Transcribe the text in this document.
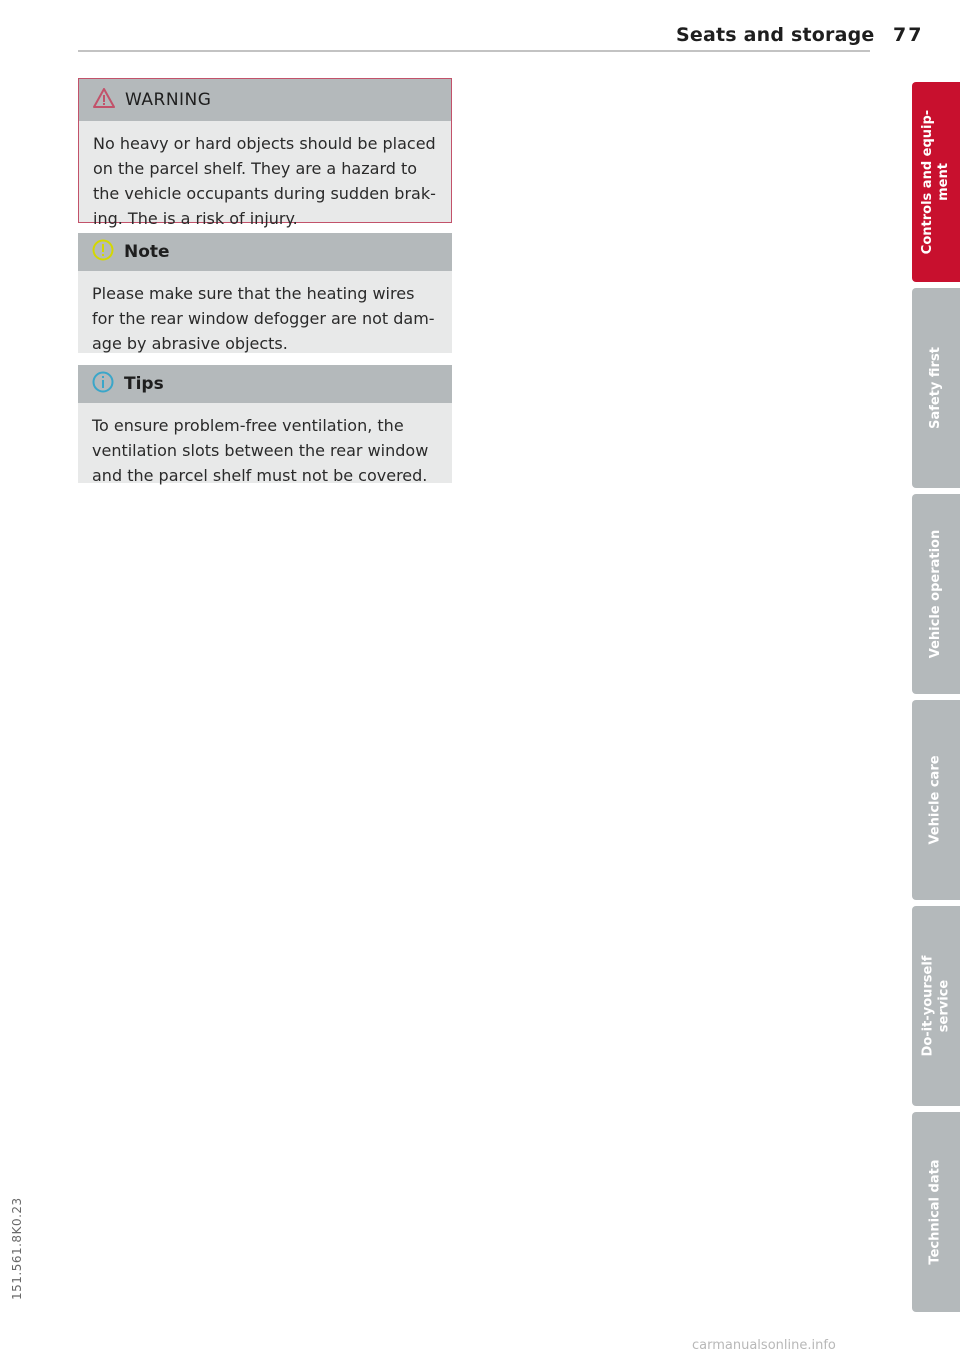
Seats and storage 77
WARNING
No heavy or hard objects should be placed on the parcel shelf. They are a hazard to the vehicle occupants during sudden brak-ing. The is a risk of injury.
Note
Please make sure that the heating wires for the rear window defogger are not dam-age by abrasive objects.
Tips
To ensure problem-free ventilation, the ventilation slots between the rear window and the parcel shelf must not be covered.
Controls and equip-
ment
Safety first
Vehicle operation
Vehicle care
Do-it-yourself
service
Technical data
151.561.8K0.23
carmanualsonline.info
